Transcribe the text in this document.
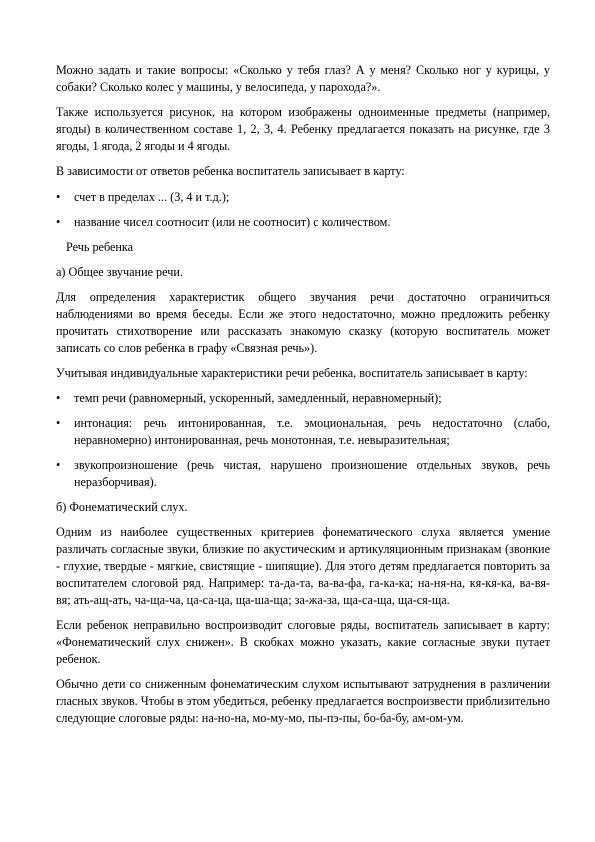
Можно задать и такие вопросы: «Сколько у тебя глаз? А у меня? Сколько ног у курицы, у собаки? Сколько колес у машины, у велосипеда, у парохода?».

Также используется рисунок, на котором изображены одноименные предметы (например, ягоды) в количественном составе 1, 2, 3, 4. Ребенку предлагается показать на рисунке, где 3 ягоды, 1 ягода, 2 ягоды и 4 ягоды.

В зависимости от ответов ребенка воспитатель записывает в карту:

• счет в пределах ... (3, 4 и т.д.);

• название чисел соотносит (или не соотносит) с количеством.

Речь ребенка

а) Общее звучание речи.

Для определения характеристик общего звучания речи достаточно ограничиться наблюдениями во время беседы. Если же этого недостаточно, можно предложить ребенку прочитать стихотворение или рассказать знакомую сказку (которую воспитатель может записать со слов ребенка в графу «Связная речь»).

Учитывая индивидуальные характеристики речи ребенка, воспитатель записывает в карту:

• темп речи (равномерный, ускоренный, замедленный, неравномерный);

• интонация: речь интонированная, т.е. эмоциональная, речь недостаточно (слабо, неравномерно) интонированная, речь монотонная, т.е. невыразительная;

• звукопроизношение (речь чистая, нарушено произношение отдельных звуков, речь неразборчивая).

б) Фонематический слух.

Одним из наиболее существенных критериев фонематического слуха является умение различать согласные звуки, близкие по акустическим и артикуляционным признакам (звонкие - глухие, твердые - мягкие, свистящие - шипящие). Для этого детям предлагается повторить за воспитателем слоговой ряд. Например: та-да-та, ва-ва-фа, га-ка-ка; на-ня-на, кя-кя-ка, ва-вя-вя; ать-ащ-ать, ча-ща-ча, ца-са-ца, ща-ша-ща; за-жа-за, ща-са-ща, ща-ся-ща.

Если ребенок неправильно воспроизводит слоговые ряды, воспитатель записывает в карту: «Фонематический слух снижен». В скобках можно указать, какие согласные звуки путает ребенок.

Обычно дети со сниженным фонематическим слухом испытывают затруднения в различении гласных звуков. Чтобы в этом убедиться, ребенку предлагается воспроизвести приблизительно следующие слоговые ряды: на-но-на, мо-му-мо, пы-пэ-пы, бо-ба-бу, ам-ом-ум.
